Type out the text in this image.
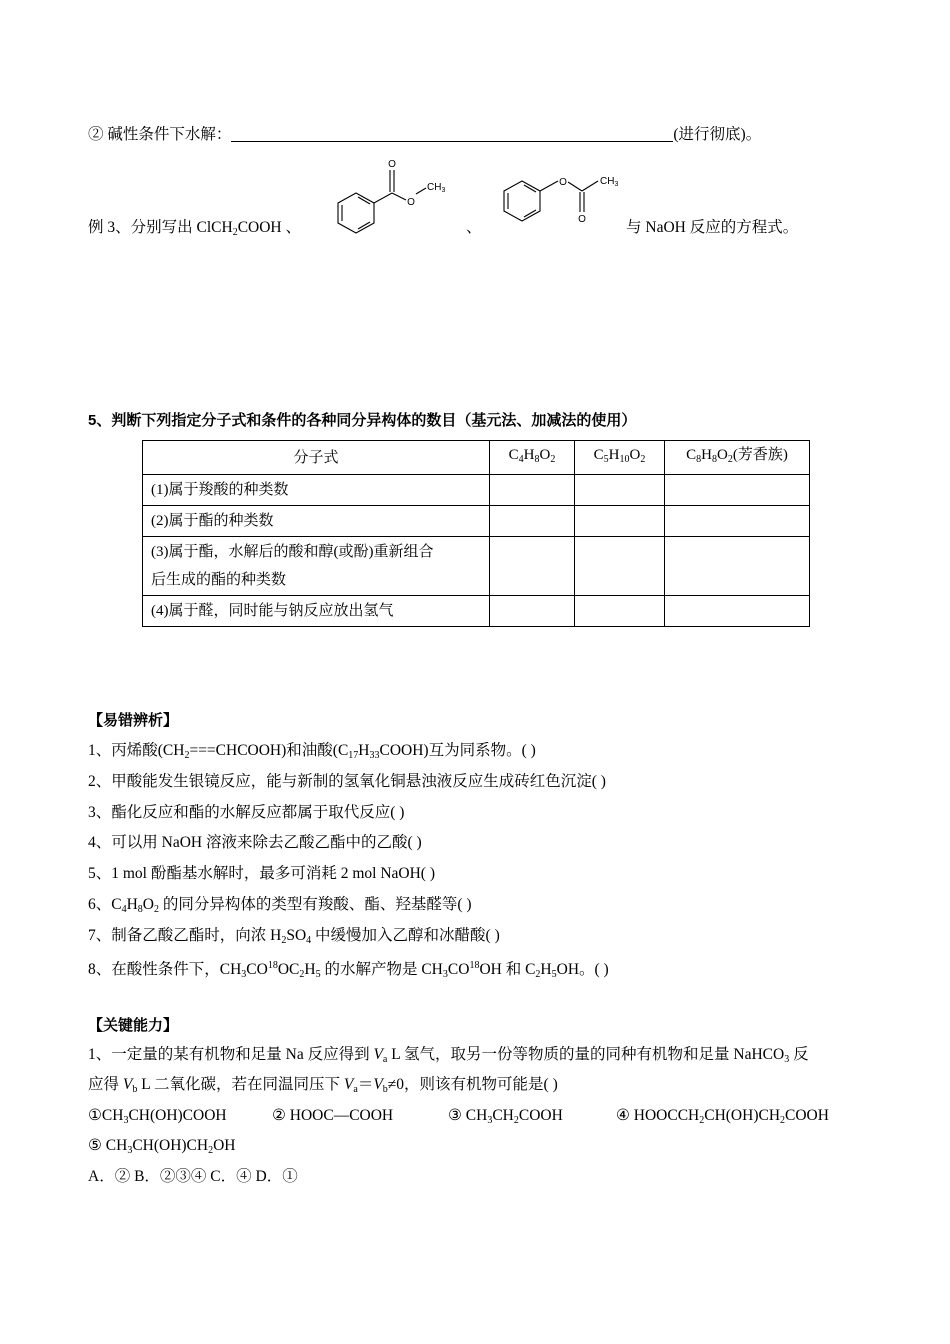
② 碱性条件下水解：	(进行彻底)。
例 3、分别写出 ClCH$_2$COOH 、	、	与 NaOH 反应的方程式。
O
O
$CH_3$
O
O
$CH_3$
5、判断下列指定分子式和条件的各种同分异构体的数目（基元法、加减法的使用）
分子式	$C_4H_8O_2$	$C_5H_{10}O_2$	$C_8H_8O_2$(芳香族)
(1)属于羧酸的种类数			
(2)属于酯的种类数			

(3)属于酯，水解后的酸和醇(或酚)重新组合
后生成的酯的种类数			

(4)属于醛，同时能与钠反应放出氢气			
【易错辨析】
1、丙烯酸$(CH_2===CHCOOH)$和油酸$(C_{17}H_{33}COOH)$互为同系物。( )
2、甲酸能发生银镜反应，能与新制的氢氧化铜悬浊液反应生成砖红色沉淀( )
3、酯化反应和酯的水解反应都属于取代反应( )
4、可以用 NaOH 溶液来除去乙酸乙酯中的乙酸( )
5、1 mol 酚酯基水解时，最多可消耗 2 mol NaOH( )
6、$C_4H_8O_2$ 的同分异构体的类型有羧酸、酯、羟基醛等( )
7、制备乙酸乙酯时，向浓 $H_2SO_4$ 中缓慢加入乙醇和冰醋酸( )
8、在酸性条件下，$CH_3CO^{18}OC_2H_5$ 的水解产物是 $CH_3CO^{18}OH$ 和 $C_2H_5OH$。( )
【关键能力】
1、一定量的某有机物和足量 Na 反应得到 $V_a$ L 氢气，取另一份等物质的量的同种有机物和足量 NaHCO$_3$ 反
应得 $V_b$ L 二氧化碳，若在同温同压下 $V_a=V_b\ne 0$，则该有机物可能是( )
$①CH_3CH(OH)COOH$	② HOOC—COOH	③ $CH_3CH_2COOH$	④ $HOOCCH_2CH(OH)CH_2COOH$
⑤ $CH_3CH(OH)CH_2OH$
A．② B．②③④ C．④ D．①
